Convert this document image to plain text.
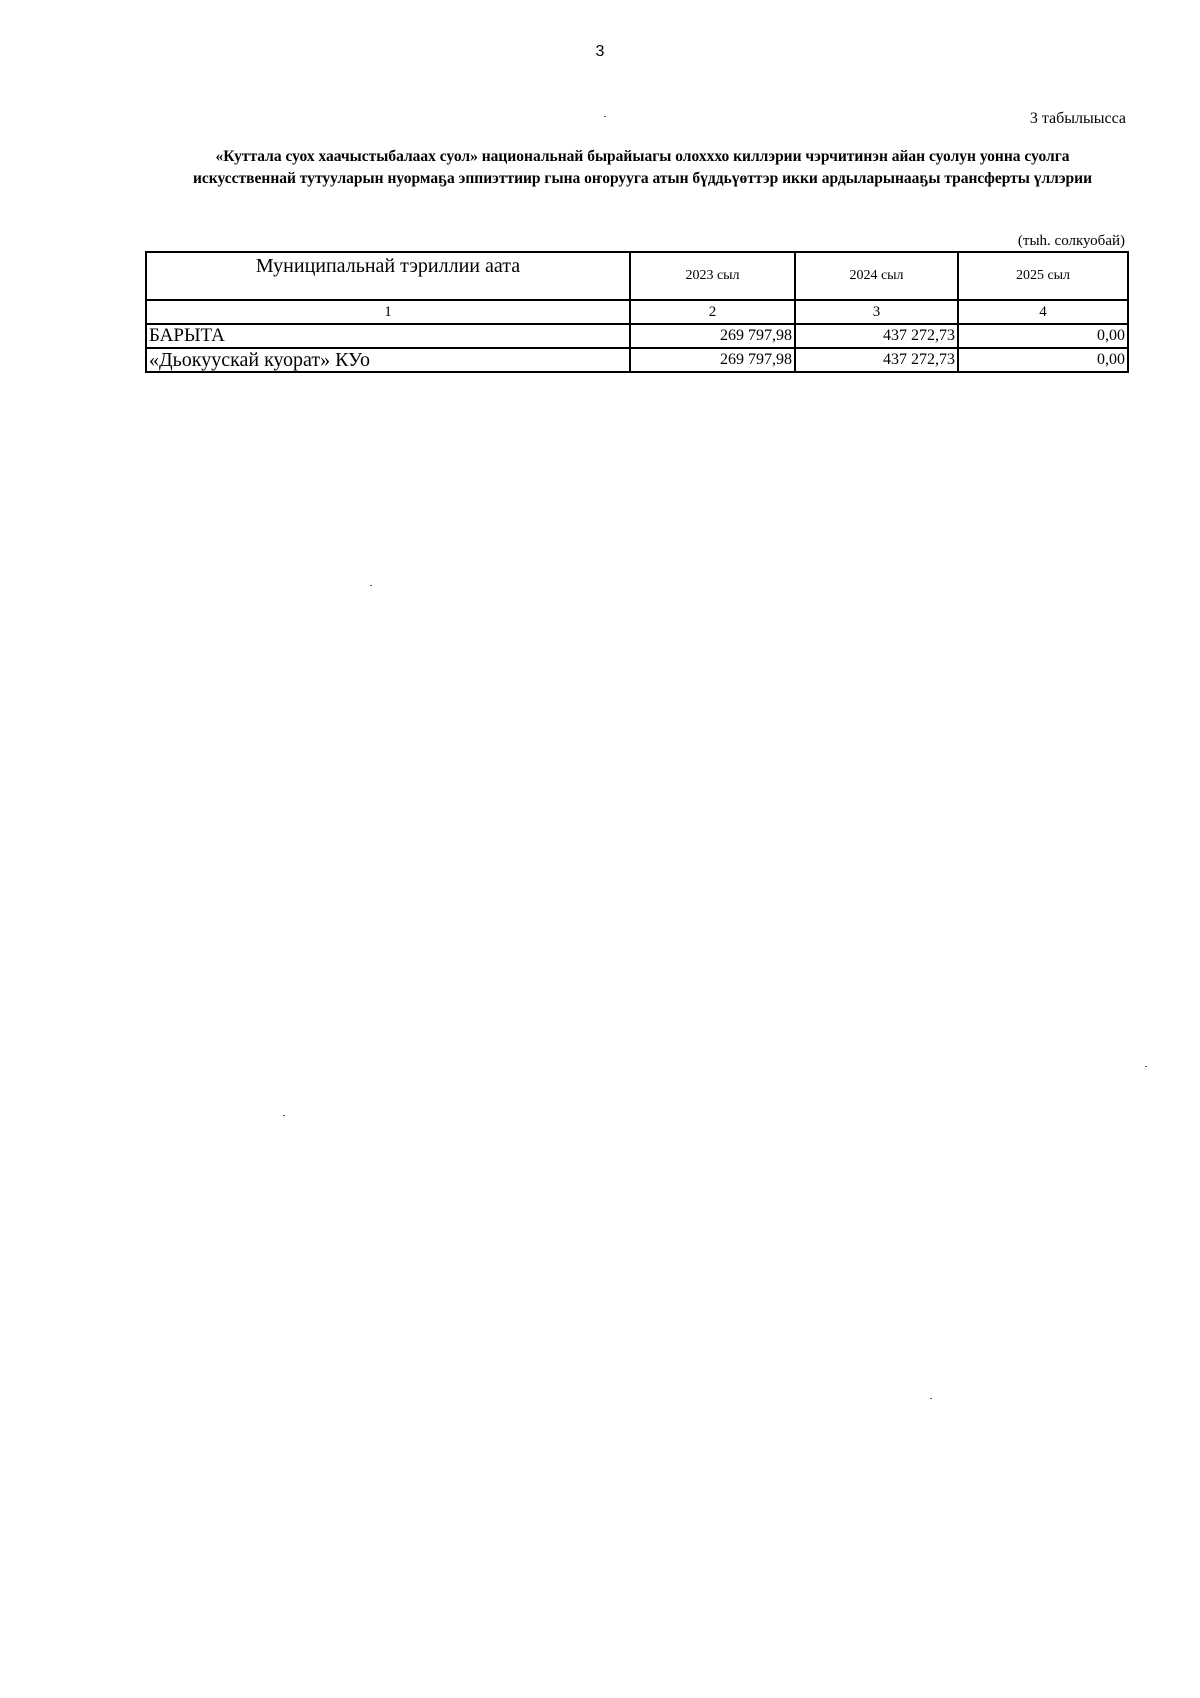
3
3 табылыысса
«Куттала суох хаачыстыбалаах суол» национальнай бырайыагы олохххо киллэрии чэрчитинэн айан суолун уонна суолга искусственнай тутууларын нуормаҕа эппиэттиир гына оҥоруугa атын бүддьүөттэр икки ардыларынааҕы трансферты үллэрии
(тыһ. солкуобай)
Муниципальнай тэриллии аата	2023 сыл	2024 сыл	2025 сыл
1	2	3	4
БАРЫТА	269 797,98	437 272,73	0,00
«Дьокуускай куорат» КУо	269 797,98	437 272,73	0,00
